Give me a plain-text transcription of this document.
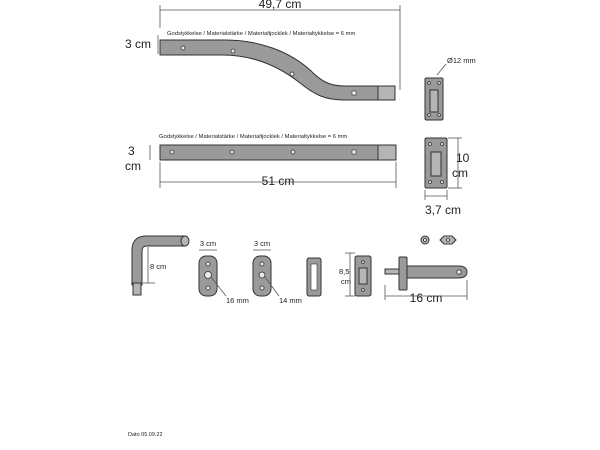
49,7 cm
3 cm
Godstykkelse / Materialstärke / Materialtjocklek / Materialtykkelse = 6 mm
Godstykkelse / Materialstärke / Materialtjocklek / Materialtykkelse = 6 mm
3
cm
51 cm
Ø12 mm
10
cm
3,7 cm
8 cm
3 cm
16 mm
3 cm
14 mm
8,5
cm
16 cm
Dato 05.09.22
